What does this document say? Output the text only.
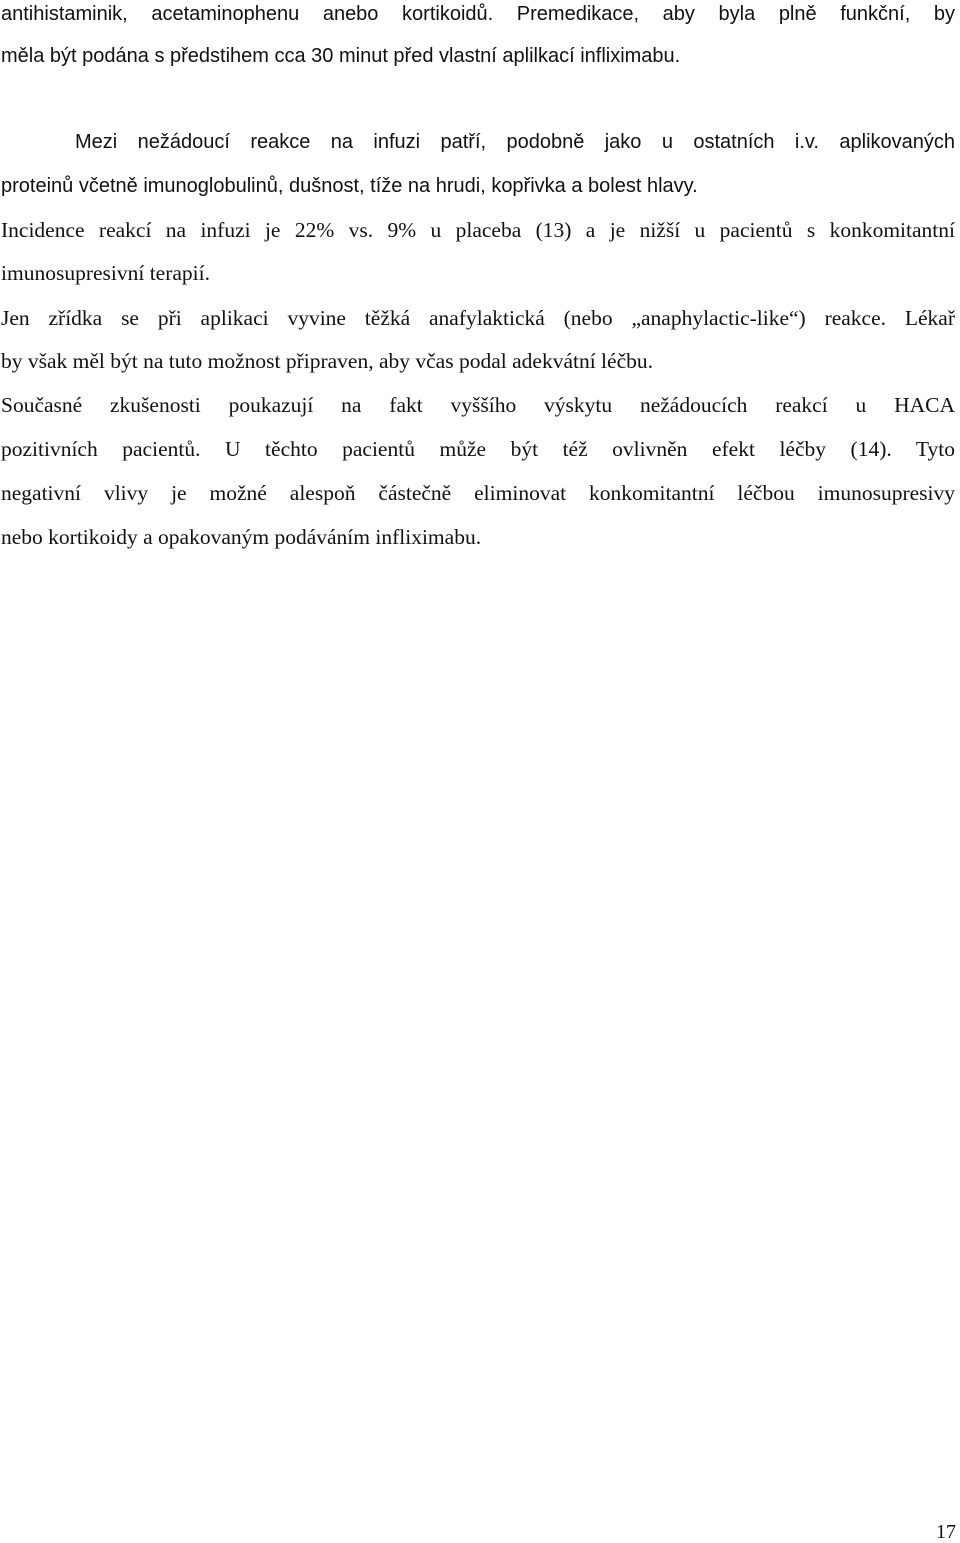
antihistaminik, acetaminophenu anebo kortikoidů. Premedikace, aby byla plně funkční, by
měla být podána s předstihem cca 30 minut před vlastní aplilkací infliximabu.
Mezi nežádoucí reakce na infuzi patří, podobně jako u ostatních i.v. aplikovaných
proteinů včetně imunoglobulinů, dušnost, tíže na hrudi, kopřivka a bolest hlavy.
Incidence reakcí na infuzi je 22% vs. 9% u placeba (13) a je nižší u pacientů s konkomitantní
imunosupresivní terapií.
Jen zřídka se při aplikaci vyvine těžká anafylaktická (nebo „anaphylactic-like“) reakce. Lékař
by však měl být na tuto možnost připraven, aby včas podal adekvátní léčbu.
Současné zkušenosti poukazují na fakt vyššího výskytu nežádoucích reakcí u HACA
pozitivních pacientů. U těchto pacientů může být též ovlivněn efekt léčby (14). Tyto
negativní vlivy je možné alespoň částečně eliminovat konkomitantní léčbou imunosupresivy
nebo kortikoidy a opakovaným podáváním infliximabu.
17
